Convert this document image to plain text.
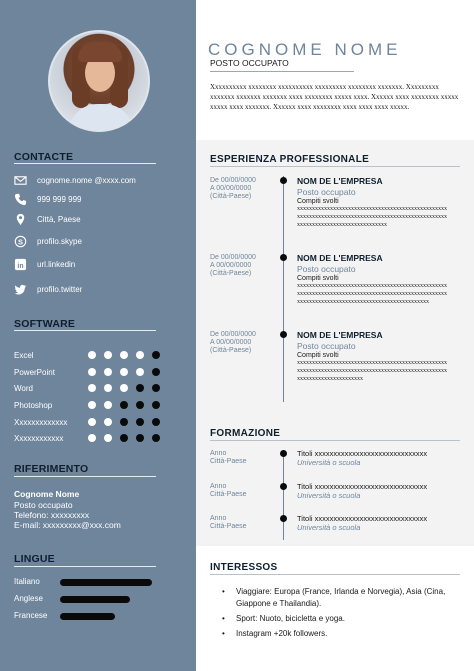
CONTACTE
cognome.nome @xxxx.com
999 999 999
Città, Paese
S profilo.skype
in url.linkedin
profilo.twitter
SOFTWARE
Excel
PowerPoint
Word
Photoshop
Xxxxxxxxxxxxx
Xxxxxxxxxxxx
RIFERIMENTO
Cognome Nome
Posto occupato
Telefono: xxxxxxxxx
E-mail: xxxxxxxxx@xxx.com
LINGUE
Italiano
Anglese
Francese
COGNOME NOME
POSTO OCCUPATO
Xxxxxxxxxx xxxxxxxx xxxxxxxxxx xxxxxxxxx xxxxxxxx xxxxxxx. Xxxxxxxxx xxxxxxx xxxxxxx xxxxxxx xxxx xxxxxxxx xxxxx xxxx. Xxxxxx xxxx xxxxxxxx xxxxx xxxxx xxxx xxxxxxx. Xxxxxx xxxx xxxxxxxx xxxx xxxx xxxx xxxxx.
ESPERIENZA PROFESSIONALE
De 00/00/0000
A 00/00/0000
(Città-Paese)
NOM DE L'EMPRESA
Posto occupato
Compiti svolti
xxxxxxxxxxxxxxxxxxxxxxxxxxxxxxxxxxxxxxxxxxxxxxxxxxxxxxxxxxxxxxxxxxxxxxxxxxxxxxxxxxxxxxxxxxxxxxxxxxxxxxxxxxxxxxxxxxxxxxxxxxxxxxxxxx
De 00/00/0000
A 00/00/0000
(Città-Paese)
NOM DE L'EMPRESA
Posto occupato
Compiti svolti
xxxxxxxxxxxxxxxxxxxxxxxxxxxxxxxxxxxxxxxxxxxxxxxxxxxxxxxxxxxxxxxxxxxxxxxxxxxxxxxxxxxxxxxxxxxxxxxxxxxxxxxxxxxxxxxxxxxxxxxxxxxxxxxxxxxxxxxxxxxxxxxx
De 00/00/0000
A 00/00/0000
(Città-Paese)
NOM DE L'EMPRESA
Posto occupato
Compiti svolti
xxxxxxxxxxxxxxxxxxxxxxxxxxxxxxxxxxxxxxxxxxxxxxxxxxxxxxxxxxxxxxxxxxxxxxxxxxxxxxxxxxxxxxxxxxxxxxxxxxxxxxxxxxxxxxxxxxxxxxxxxx
FORMAZIONE
Anno
Città-Paese
Titoli xxxxxxxxxxxxxxxxxxxxxxxxxxxxxx
Università o scuola
Anno
Città-Paese
Titoli xxxxxxxxxxxxxxxxxxxxxxxxxxxxxx
Università o scuola
Anno
Città-Paese
Titoli xxxxxxxxxxxxxxxxxxxxxxxxxxxxxx
Università o scuola
INTERESSOS
• Viaggiare: Europa (France, Irlanda e Norvegia), Asia (Cina, Giappone e Thailandia).
• Sport: Nuoto, bicicletta e yoga.
• Instagram +20k followers.
